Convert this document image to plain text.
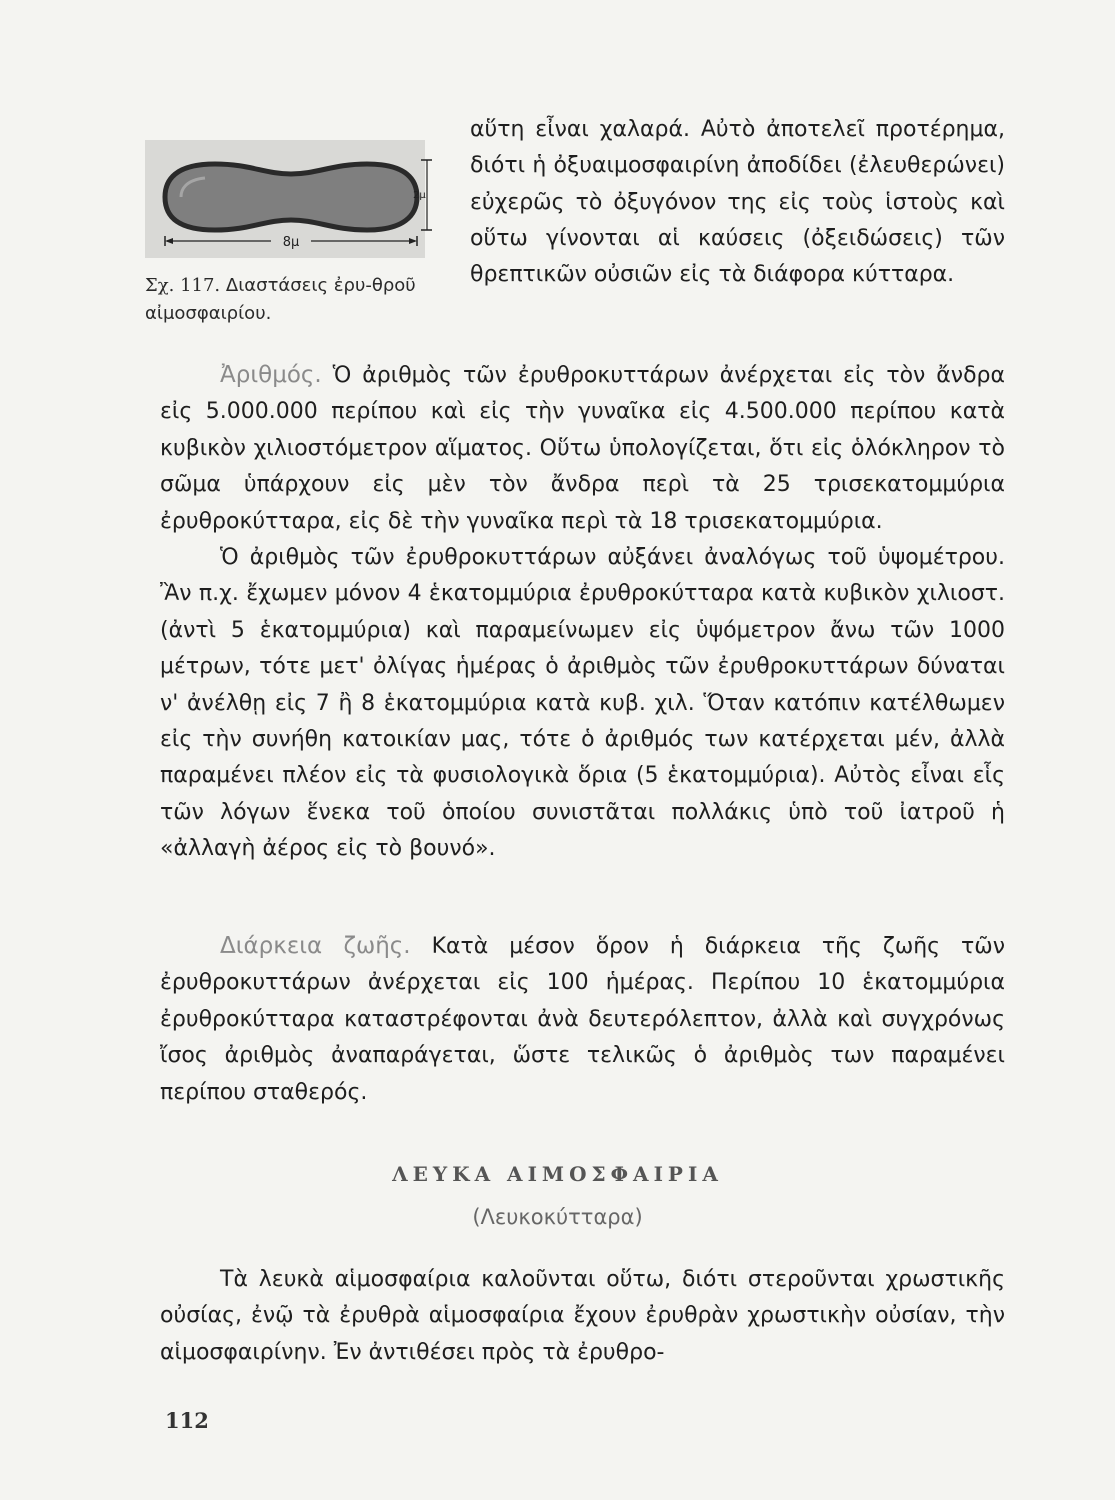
8μ
2μ
Σχ. 117. Διαστάσεις ἐρυ-θροῦ αἰμοσφαιρίου.
αὕτη εἶναι χαλαρά. Αὐτὸ ἀποτελεῖ προτέρημα, διότι ἡ ὀξυαιμοσφαιρίνη ἀποδίδει (ἐλευθερώνει) εὐχερῶς τὸ ὀξυγόνον της εἰς τοὺς ἱστοὺς καὶ οὕτω γίνονται αἱ καύσεις (ὀξειδώσεις) τῶν θρεπτικῶν οὐσιῶν εἰς τὰ διάφορα κύτταρα.

Ἀριθμός. Ὁ ἀριθμὸς τῶν ἐρυθροκυττάρων ἀνέρχεται εἰς τὸν ἄνδρα εἰς 5.000.000 περίπου καὶ εἰς τὴν γυναῖκα εἰς 4.500.000 περίπου κατὰ κυβικὸν χιλιοστόμετρον αἵματος. Οὕτω ὑπολογίζεται, ὅτι εἰς ὁλόκληρον τὸ σῶμα ὑπάρχουν εἰς μὲν τὸν ἄνδρα περὶ τὰ 25 τρισεκατομμύρια ἐρυθροκύτταρα, εἰς δὲ τὴν γυναῖκα περὶ τὰ 18 τρισεκατομμύρια.

Ὁ ἀριθμὸς τῶν ἐρυθροκυττάρων αὐξάνει ἀναλόγως τοῦ ὑψομέτρου. Ἂν π.χ. ἔχωμεν μόνον 4 ἑκατομμύρια ἐρυθροκύτταρα κατὰ κυβικὸν χιλιοστ. (ἀντὶ 5 ἑκατομμύρια) καὶ παραμείνωμεν εἰς ὑψόμετρον ἄνω τῶν 1000 μέτρων, τότε μετ' ὀλίγας ἡμέρας ὁ ἀριθμὸς τῶν ἐρυθροκυττάρων δύναται ν' ἀνέλθῃ εἰς 7 ἢ 8 ἑκατομμύρια κατὰ κυβ. χιλ. Ὅταν κατόπιν κατέλθωμεν εἰς τὴν συνήθη κατοικίαν μας, τότε ὁ ἀριθμός των κατέρχεται μέν, ἀλλὰ παραμένει πλέον εἰς τὰ φυσιολογικὰ ὅρια (5 ἑκατομμύρια). Αὐτὸς εἶναι εἷς τῶν λόγων ἕνεκα τοῦ ὁποίου συνιστᾶται πολλάκις ὑπὸ τοῦ ἰατροῦ ἡ «ἀλλαγὴ ἀέρος εἰς τὸ βουνό».

Διάρκεια ζωῆς. Κατὰ μέσον ὅρον ἡ διάρκεια τῆς ζωῆς τῶν ἐρυθροκυττάρων ἀνέρχεται εἰς 100 ἡμέρας. Περίπου 10 ἑκατομμύρια ἐρυθροκύτταρα καταστρέφονται ἀνὰ δευτερόλεπτον, ἀλλὰ καὶ συγχρόνως ἴσος ἀριθμὸς ἀναπαράγεται, ὥστε τελικῶς ὁ ἀριθμὸς των παραμένει περίπου σταθερός.

ΛΕΥΚΑ ΑΙΜΟΣΦΑΙΡΙΑ
(Λευκοκύτταρα)

Τὰ λευκὰ αἱμοσφαίρια καλοῦνται οὕτω, διότι στεροῦνται χρωστικῆς οὐσίας, ἐνῷ τὰ ἐρυθρὰ αἱμοσφαίρια ἔχουν ἐρυθρὰν χρωστικὴν οὐσίαν, τὴν αἱμοσφαιρίνην. Ἐν ἀντιθέσει πρὸς τὰ ἐρυθρο-

112
